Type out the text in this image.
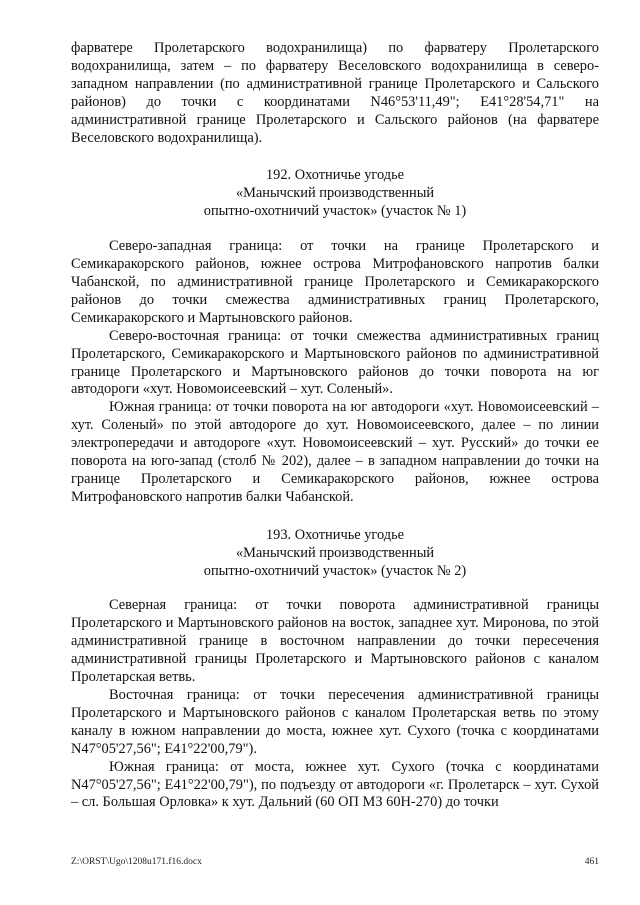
фарватере Пролетарского водохранилища) по фарватеру Пролетарского водохранилища, затем – по фарватеру Веселовского водохранилища в северо-западном направлении (по административной границе Пролетарского и Сальского районов) до точки с координатами N46°53'11,49"; E41°28'54,71" на административной границе Пролетарского и Сальского районов (на фарватере Веселовского водохранилища).

192. Охотничье угодье
«Манычский производственный
опытно-охотничий участок» (участок № 1)

Северо-западная граница: от точки на границе Пролетарского и Семикаракорского районов, южнее острова Митрофановского напротив балки Чабанской, по административной границе Пролетарского и Семикаракорского районов до точки смежества административных границ Пролетарского, Семикаракорского и Мартыновского районов.

Северо-восточная граница: от точки смежества административных границ Пролетарского, Семикаракорского и Мартыновского районов по административной границе Пролетарского и Мартыновского районов до точки поворота на юг автодороги «хут. Новомоисеевский – хут. Соленый».

Южная граница: от точки поворота на юг автодороги «хут. Новомоисеевский – хут. Соленый» по этой автодороге до хут. Новомоисеевского, далее – по линии электропередачи и автодороге «хут. Новомоисеевский – хут. Русский» до точки ее поворота на юго-запад (столб № 202), далее – в западном направлении до точки на границе Пролетарского и Семикаракорского районов, южнее острова Митрофановского напротив балки Чабанской.

193. Охотничье угодье
«Манычский производственный
опытно-охотничий участок» (участок № 2)

Северная граница: от точки поворота административной границы Пролетарского и Мартыновского районов на восток, западнее хут. Миронова, по этой административной границе в восточном направлении до точки пересечения административной границы Пролетарского и Мартыновского районов с каналом Пролетарская ветвь.

Восточная граница: от точки пересечения административной границы Пролетарского и Мартыновского районов с каналом Пролетарская ветвь по этому каналу в южном направлении до моста, южнее хут. Сухого (точка с координатами N47°05'27,56"; E41°22'00,79").

Южная граница: от моста, южнее хут. Сухого (точка с координатами N47°05'27,56"; E41°22'00,79"), по подъезду от автодороги «г. Пролетарск – хут. Сухой – сл. Большая Орловка» к хут. Дальний (60 ОП МЗ 60Н-270) до точки

Z:\ORST\Ugo\1208u171.f16.docx	461
